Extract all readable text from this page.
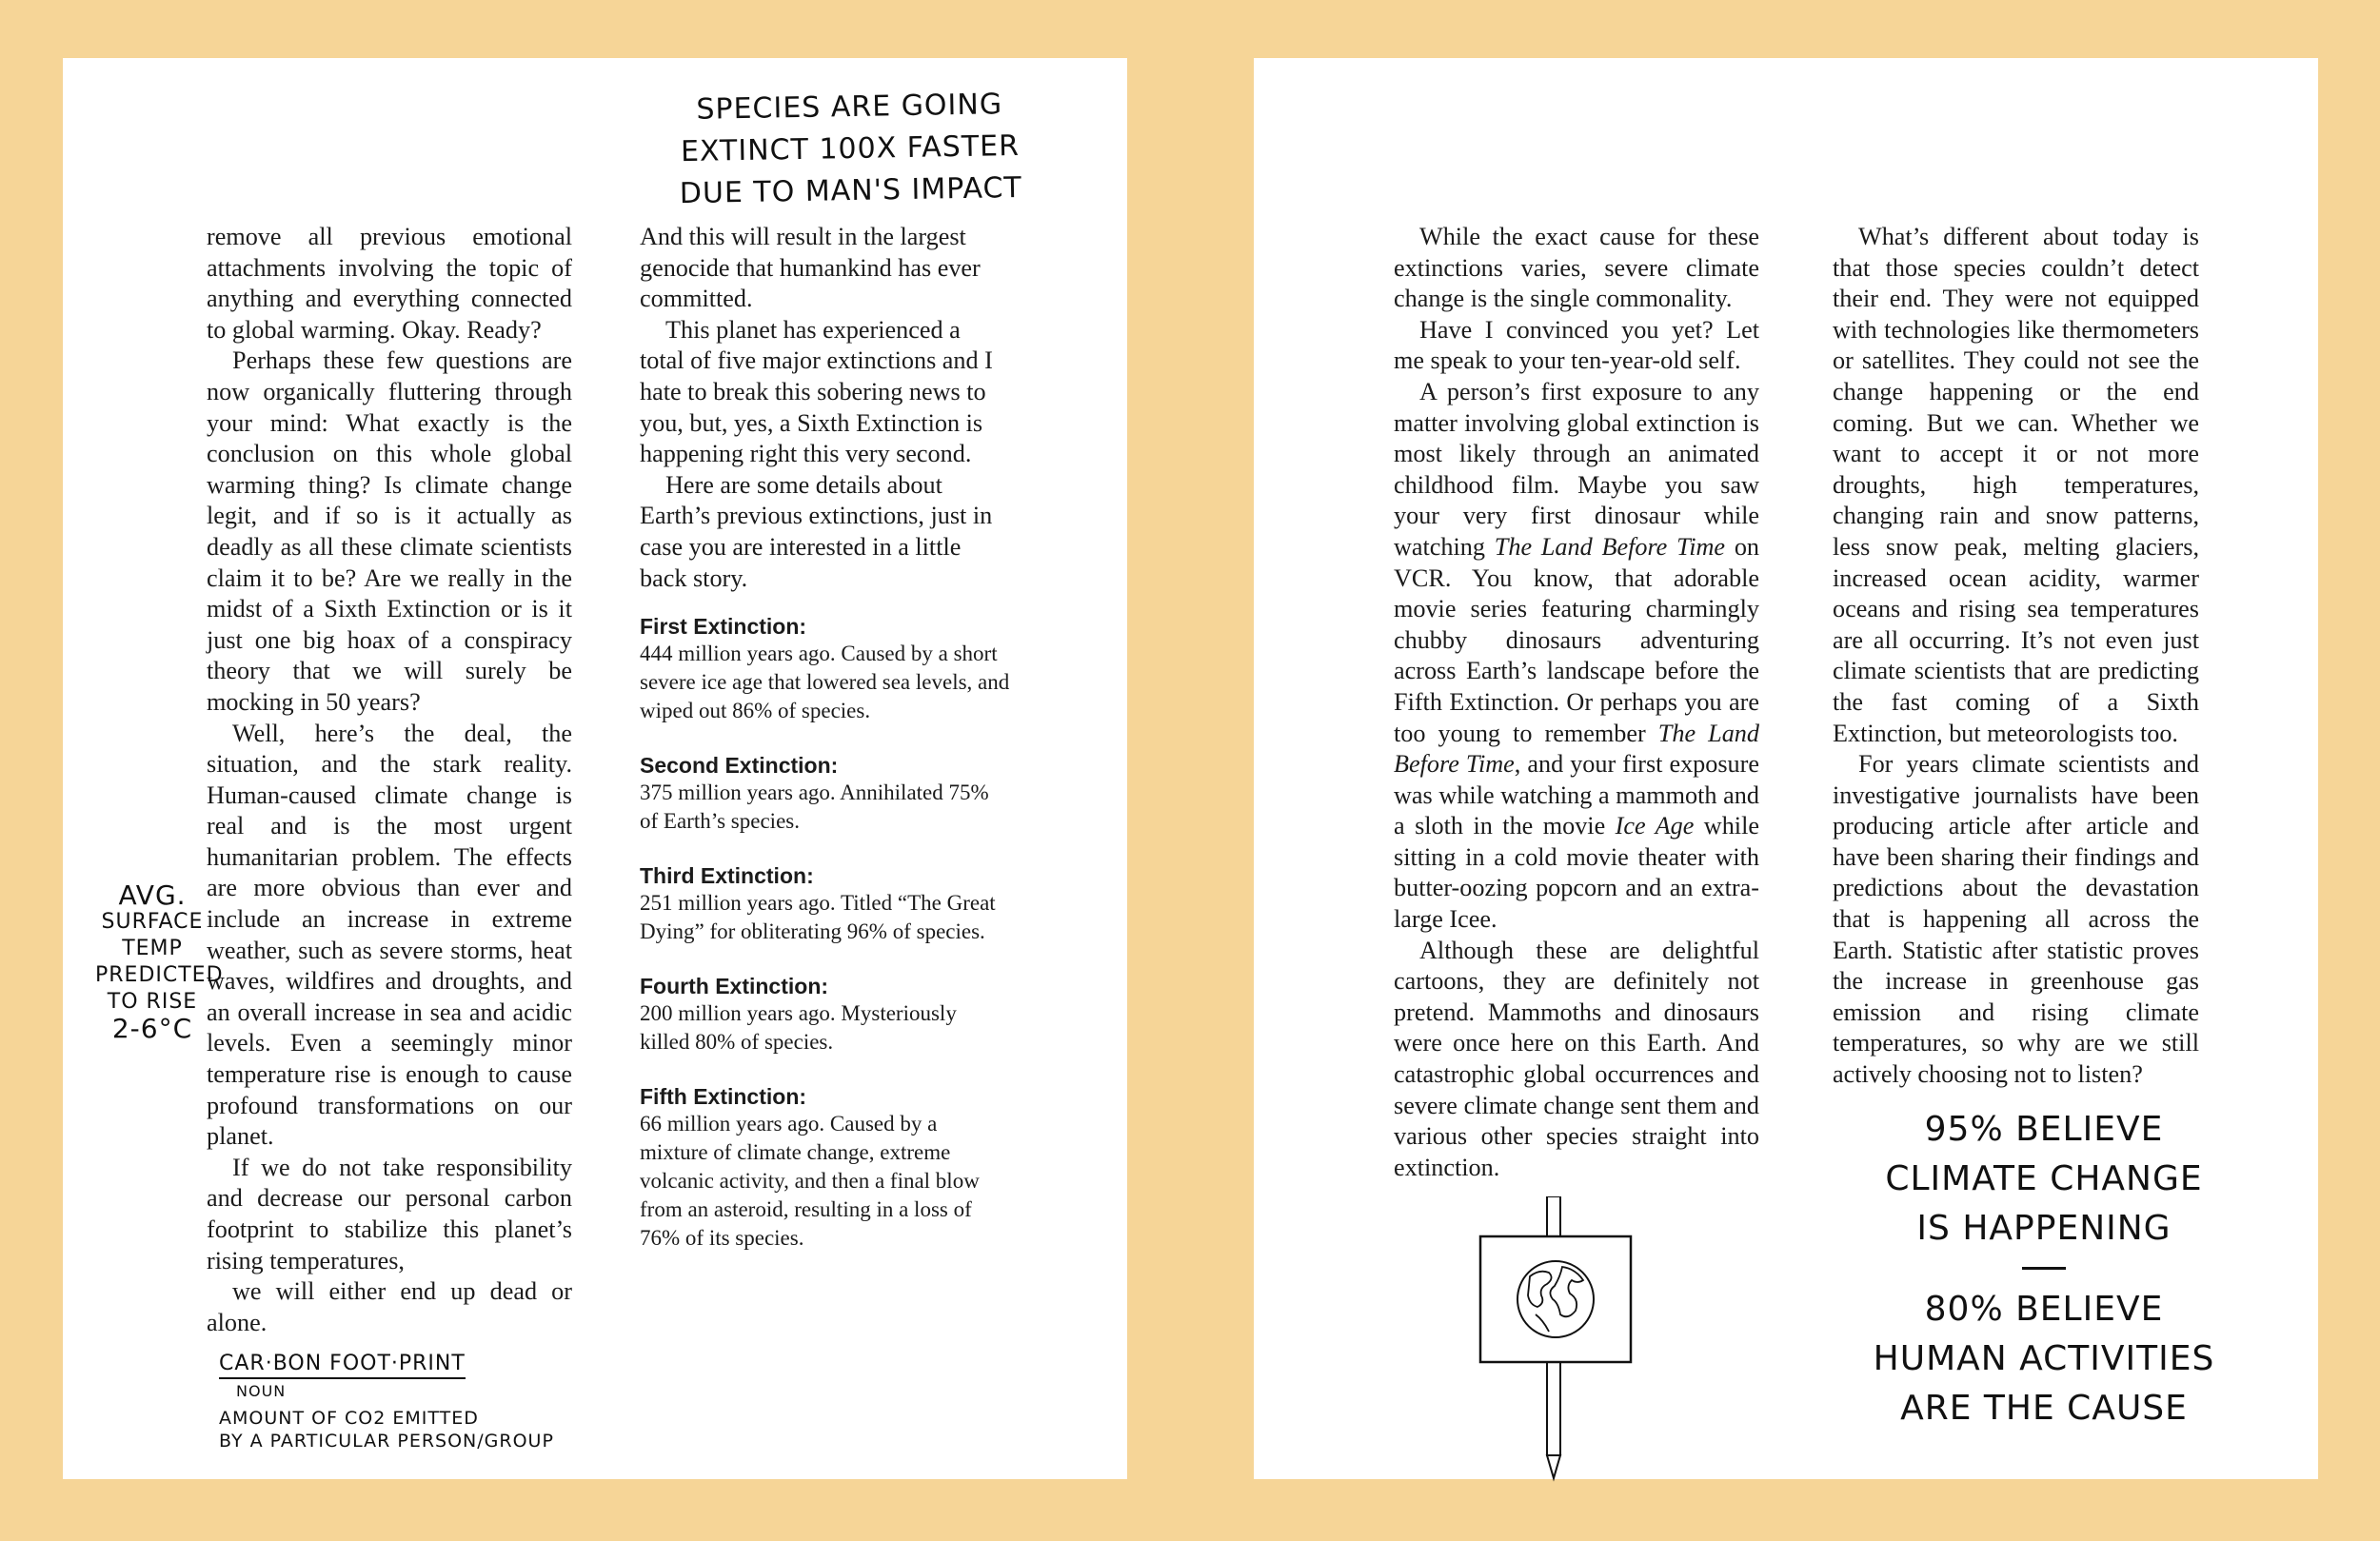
SPECIES ARE GOING
EXTINCT 100X FASTER
DUE TO MAN'S IMPACT

remove all previous emotional attachments involving the topic of anything and everything connected to global warming. Okay. Ready?

Perhaps these few questions are now organically fluttering through your mind: What exactly is the conclusion on this whole global warming thing? Is climate change legit, and if so is it actually as deadly as all these climate scientists claim it to be? Are we really in the midst of a Sixth Extinction or is it just one big hoax of a conspiracy theory that we will surely be mocking in 50 years?

Well, here’s the deal, the situation, and the stark reality. Human-caused climate change is real and is the most urgent humanitarian problem. The effects are more obvious than ever and include an increase in extreme weather, such as severe storms, heat waves, wildfires and droughts, and an overall increase in sea and acidic levels. Even a seemingly minor temperature rise is enough to cause profound transformations on our planet.

If we do not take responsibility and decrease our personal carbon footprint to stabilize this planet’s rising temperatures,

we will either end up dead or alone.

AVG.
SURFACE
TEMP
PREDICTED
TO RISE
2-6°C
CAR·BON FOOT·PRINT
NOUN
AMOUNT OF CO2 EMITTED
BY A PARTICULAR PERSON/GROUP

And this will result in the largest genocide that humankind has ever committed.

This planet has experienced a total of five major extinctions and I hate to break this sobering news to you, but, yes, a Sixth Extinction is happening right this very second.

Here are some details about Earth’s previous extinctions, just in case you are interested in a little back story.

First Extinction:
444 million years ago. Caused by a short severe ice age that lowered sea levels, and wiped out 86% of species.
Second Extinction:
375 million years ago. Annihilated 75% of Earth’s species.
Third Extinction:
251 million years ago. Titled “The Great Dying” for obliterating 96% of species.
Fourth Extinction:
200 million years ago. Mysteriously killed 80% of species.
Fifth Extinction:
66 million years ago. Caused by a mixture of climate change, extreme volcanic activity, and then a final blow from an asteroid, resulting in a loss of 76% of its species.

While the exact cause for these extinctions varies, severe climate change is the single commonality.

Have I convinced you yet? Let me speak to your ten-year-old self.

A person’s first exposure to any matter involving global extinction is most likely through an animated childhood film. Maybe you saw your very first dinosaur while watching The Land Before Time on VCR. You know, that adorable movie series featuring charmingly chubby dinosaurs adventuring across Earth’s landscape before the Fifth Extinction. Or perhaps you are too young to remember The Land Before Time, and your first exposure was while watching a mammoth and a sloth in the movie Ice Age while sitting in a cold movie theater with butter-oozing popcorn and an extra-large Icee.

Although these are delightful cartoons, they are definitely not pretend. Mammoths and dinosaurs were once here on this Earth. And catastrophic global occurrences and severe climate change sent them and various other species straight into extinction.

What’s different about today is that those species couldn’t detect their end. They were not equipped with technologies like thermometers or satellites. They could not see the change happening or the end coming. But we can. Whether we want to accept it or not more droughts, high temperatures, changing rain and snow patterns, less snow peak, melting glaciers, increased ocean acidity, warmer oceans and rising sea temperatures are all occurring. It’s not even just climate scientists that are predicting the fast coming of a Sixth Extinction, but meteorologists too.

For years climate scientists and investigative journalists have been producing article after article and have been sharing their findings and predictions about the devastation that is happening all across the Earth. Statistic after statistic proves the increase in greenhouse gas emission and rising climate temperatures, so why are we still actively choosing not to listen?

95% BELIEVE
CLIMATE CHANGE
IS HAPPENING
80% BELIEVE
HUMAN ACTIVITIES
ARE THE CAUSE
